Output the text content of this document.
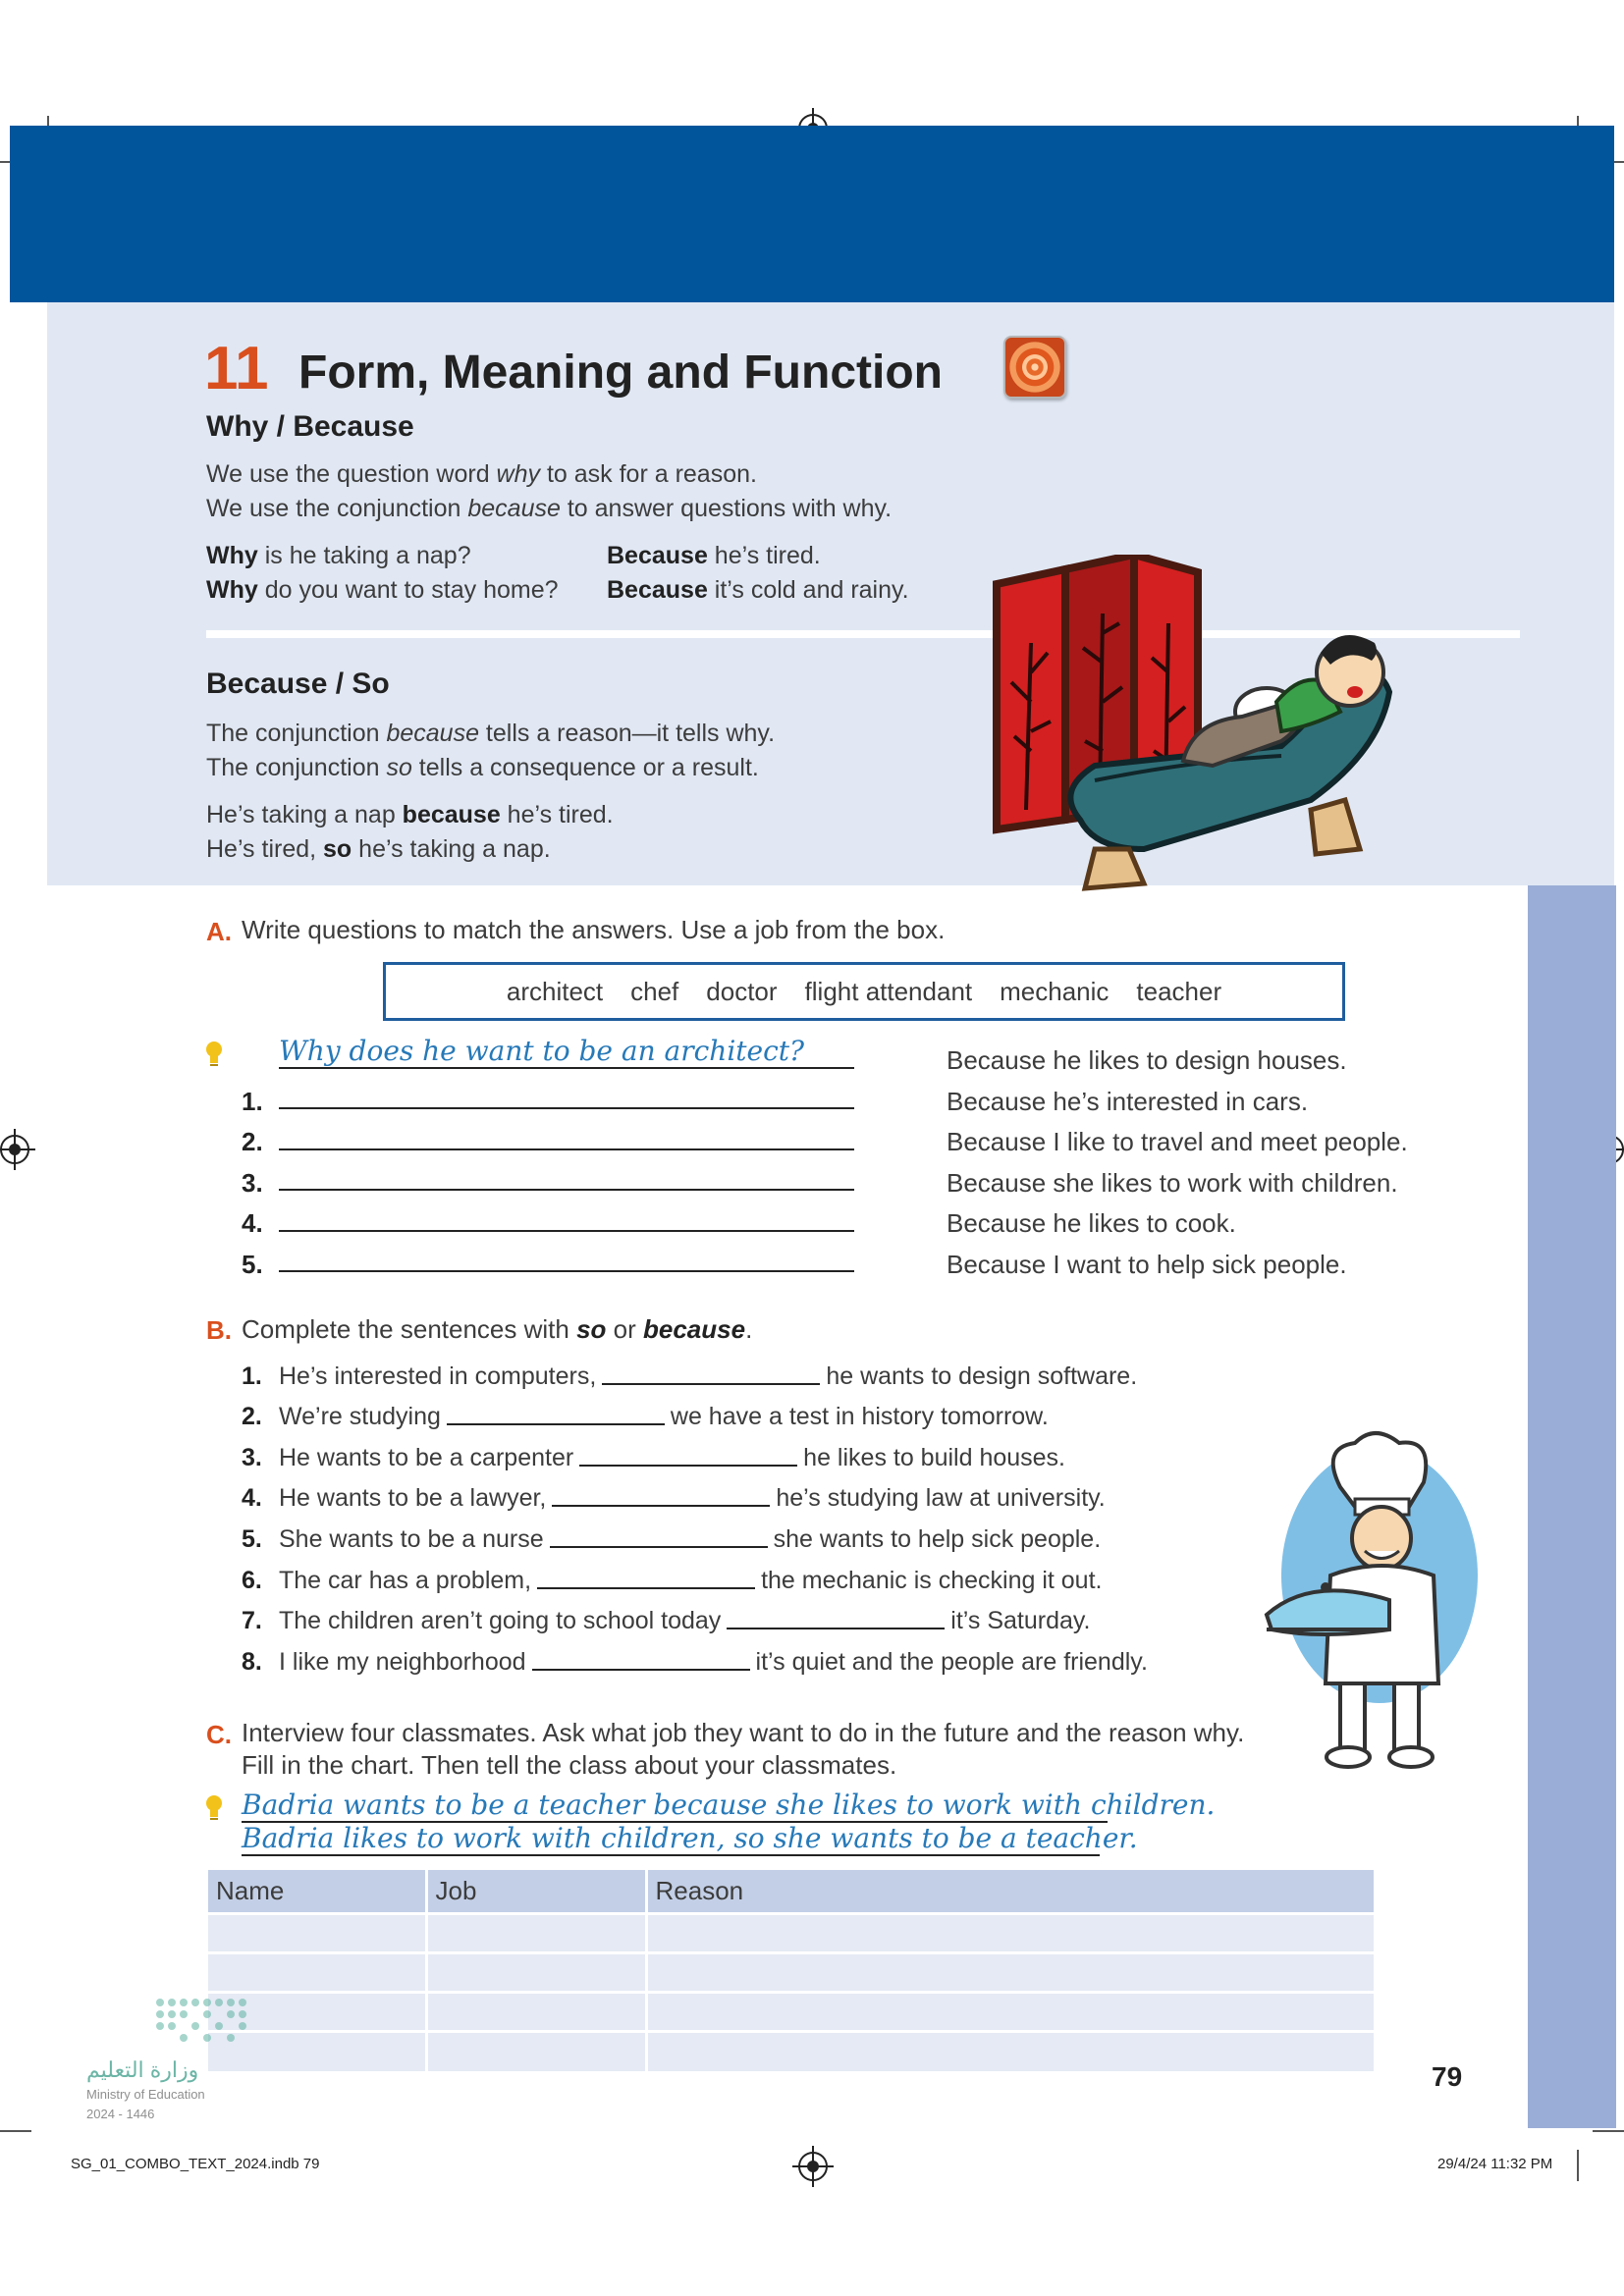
11 Form, Meaning and Function
Why / Because
We use the question word why to ask for a reason.
We use the conjunction because to answer questions with why.
Why is he taking a nap?	Because he’s tired.
Why do you want to stay home? Because it’s cold and rainy.
Because / So
The conjunction because tells a reason—it tells why.
The conjunction so tells a consequence or a result.
He’s taking a nap because he’s tired.
He’s tired, so he’s taking a nap.
A. Write questions to match the answers. Use a job from the box.
architect chef doctor flight attendant mechanic teacher
Why does he want to be an architect?	Because he likes to design houses.
1.	Because he’s interested in cars.
2.	Because I like to travel and meet people.
3.	Because she likes to work with children.
4.	Because he likes to cook.
5.	Because I want to help sick people.
B. Complete the sentences with so or because.
1. He’s interested in computers,	he wants to design software.
2. We’re studying	we have a test in history tomorrow.
3. He wants to be a carpenter	he likes to build houses.
4. He wants to be a lawyer,	he’s studying law at university.
5. She wants to be a nurse	she wants to help sick people.
6. The car has a problem,	the mechanic is checking it out.
7. The children aren’t going to school today	it’s Saturday.
8. I like my neighborhood	it’s quiet and the people are friendly.
C. Interview four classmates. Ask what job they want to do in the future and the reason why.
Fill in the chart. Then tell the class about your classmates.
Badria wants to be a teacher because she likes to work with children.
Badria likes to work with children, so she wants to be a teacher.
Name	Job	Reason

وزارة التعليم
Ministry of Education
2024 - 1446
79
SG_01_COMBO_TEXT_2024.indb 79	29/4/24 11:32 PM
